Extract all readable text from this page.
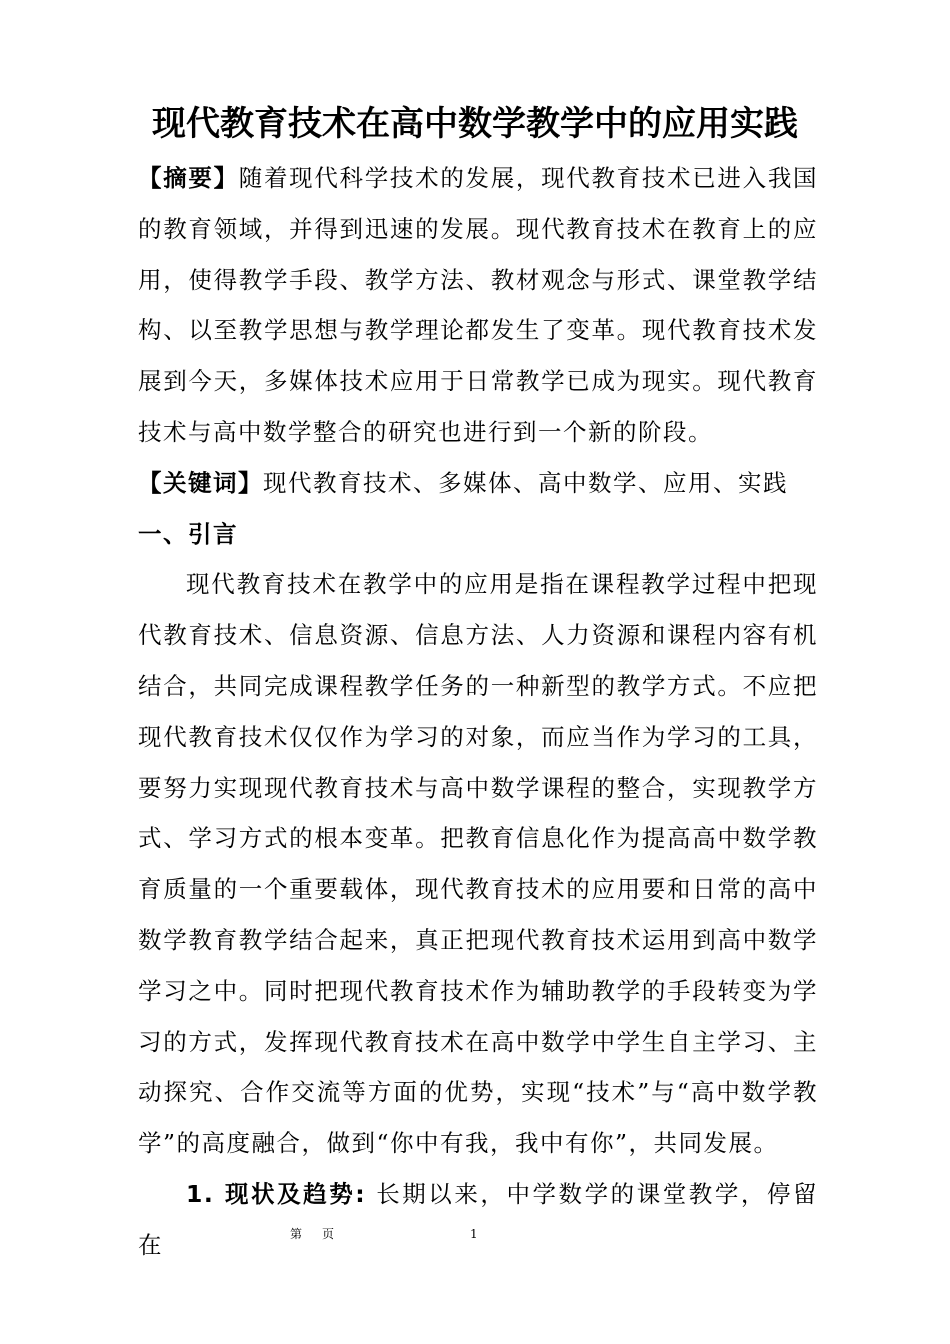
现代教育技术在高中数学教学中的应用实践

【摘要】随着现代科学技术的发展，现代教育技术已进入我国的教育领域，并得到迅速的发展。现代教育技术在教育上的应用，使得教学手段、教学方法、教材观念与形式、课堂教学结构、以至教学思想与教学理论都发生了变革。现代教育技术发展到今天，多媒体技术应用于日常教学已成为现实。现代教育技术与高中数学整合的研究也进行到一个新的阶段。

【关键词】现代教育技术、多媒体、高中数学、应用、实践

一、引言

现代教育技术在教学中的应用是指在课程教学过程中把现代教育技术、信息资源、信息方法、人力资源和课程内容有机结合，共同完成课程教学任务的一种新型的教学方式。不应把现代教育技术仅仅作为学习的对象，而应当作为学习的工具，要努力实现现代教育技术与高中数学课程的整合，实现教学方式、学习方式的根本变革。把教育信息化作为提高高中数学教育质量的一个重要载体，现代教育技术的应用要和日常的高中数学教育教学结合起来，真正把现代教育技术运用到高中数学学习之中。同时把现代教育技术作为辅助教学的手段转变为学习的方式，发挥现代教育技术在高中数学中学生自主学习、主动探究、合作交流等方面的优势，实现“技术”与“高中数学教学”的高度融合，做到“你中有我，我中有你”，共同发展。

1. 现状及趋势: 长期以来，中学数学的课堂教学，停留在	第页	1
